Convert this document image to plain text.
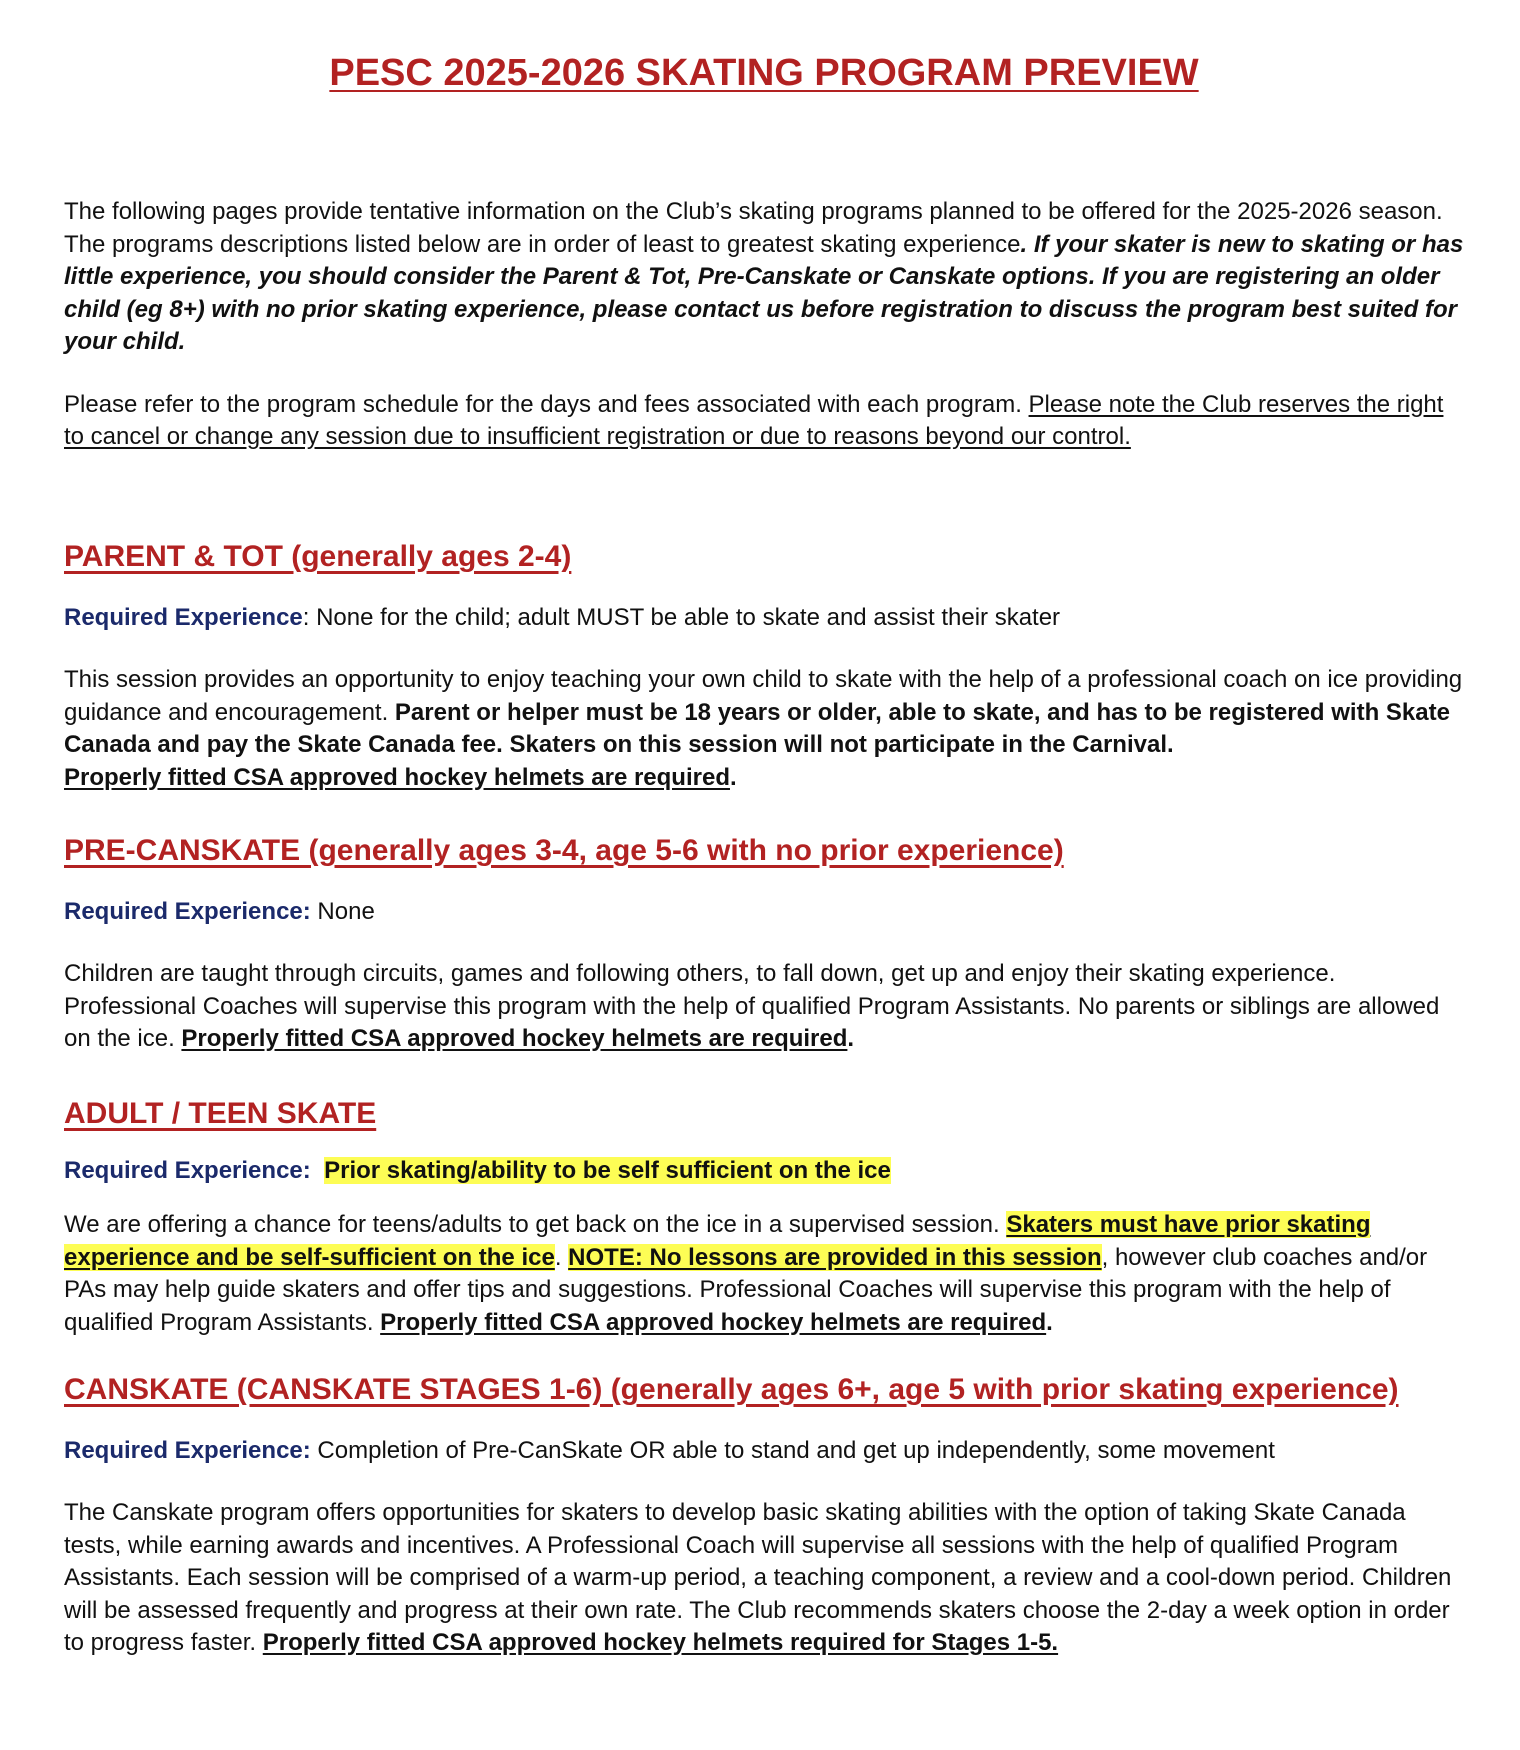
PESC 2025-2026 SKATING PROGRAM PREVIEW

The following pages provide tentative information on the Club’s skating programs planned to be offered for the 2025-2026 season. The programs descriptions listed below are in order of least to greatest skating experience. If your skater is new to skating or has little experience, you should consider the Parent & Tot, Pre-Canskate or Canskate options. If you are registering an older child (eg 8+) with no prior skating experience, please contact us before registration to discuss the program best suited for your child.

Please refer to the program schedule for the days and fees associated with each program. Please note the Club reserves the right to cancel or change any session due to insufficient registration or due to reasons beyond our control.

PARENT & TOT (generally ages 2-4)

Required Experience: None for the child; adult MUST be able to skate and assist their skater

This session provides an opportunity to enjoy teaching your own child to skate with the help of a professional coach on ice providing guidance and encouragement. Parent or helper must be 18 years or older, able to skate, and has to be registered with Skate Canada and pay the Skate Canada fee. Skaters on this session will not participate in the Carnival.
Properly fitted CSA approved hockey helmets are required.

PRE-CANSKATE (generally ages 3-4, age 5-6 with no prior experience)

Required Experience: None

Children are taught through circuits, games and following others, to fall down, get up and enjoy their skating experience. Professional Coaches will supervise this program with the help of qualified Program Assistants. No parents or siblings are allowed on the ice. Properly fitted CSA approved hockey helmets are required.

ADULT / TEEN SKATE

Required Experience: Prior skating/ability to be self sufficient on the ice

We are offering a chance for teens/adults to get back on the ice in a supervised session. Skaters must have prior skating experience and be self-sufficient on the ice. NOTE: No lessons are provided in this session, however club coaches and/or PAs may help guide skaters and offer tips and suggestions. Professional Coaches will supervise this program with the help of qualified Program Assistants. Properly fitted CSA approved hockey helmets are required.

CANSKATE (CANSKATE STAGES 1-6) (generally ages 6+, age 5 with prior skating experience)

Required Experience: Completion of Pre-CanSkate OR able to stand and get up independently, some movement

The Canskate program offers opportunities for skaters to develop basic skating abilities with the option of taking Skate Canada tests, while earning awards and incentives. A Professional Coach will supervise all sessions with the help of qualified Program Assistants. Each session will be comprised of a warm-up period, a teaching component, a review and a cool-down period. Children will be assessed frequently and progress at their own rate. The Club recommends skaters choose the 2-day a week option in order to progress faster. Properly fitted CSA approved hockey helmets required for Stages 1-5.
